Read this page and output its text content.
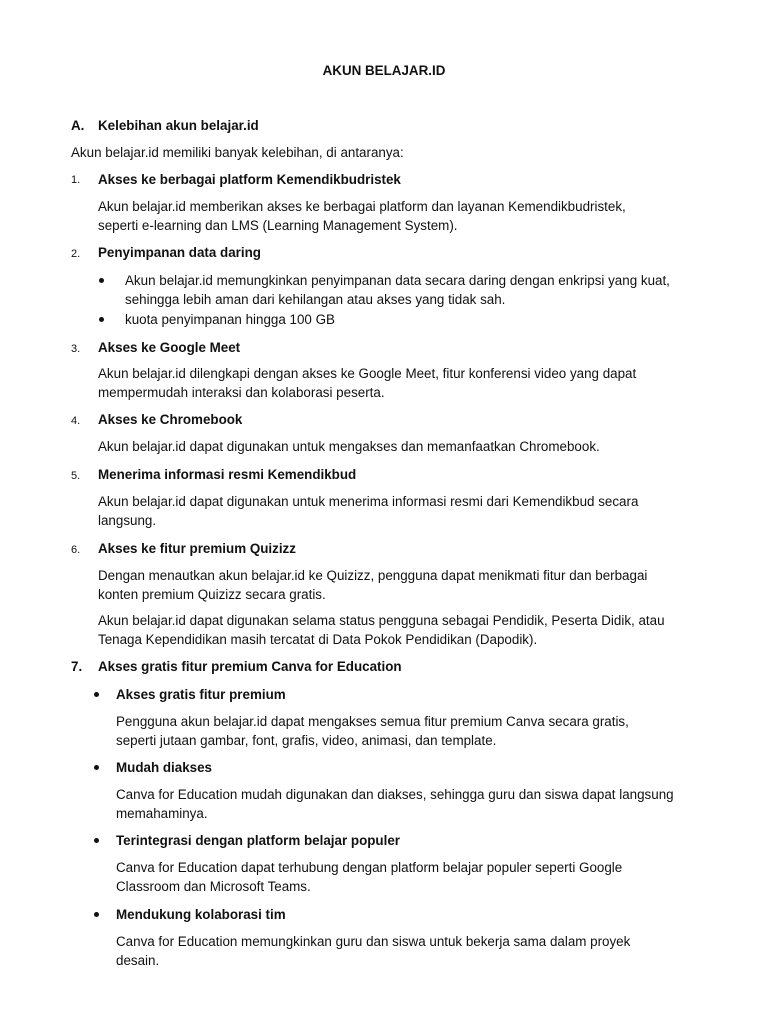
AKUN BELAJAR.ID
A. Kelebihan akun belajar.id
Akun belajar.id memiliki banyak kelebihan, di antaranya:
1. Akses ke berbagai platform Kemendikbudristek
Akun belajar.id memberikan akses ke berbagai platform dan layanan Kemendikbudristek,
seperti e-learning dan LMS (Learning Management System).
2. Penyimpanan data daring
Akun belajar.id memungkinkan penyimpanan data secara daring dengan enkripsi yang kuat,
sehingga lebih aman dari kehilangan atau akses yang tidak sah.
kuota penyimpanan hingga 100 GB
3. Akses ke Google Meet
Akun belajar.id dilengkapi dengan akses ke Google Meet, fitur konferensi video yang dapat
mempermudah interaksi dan kolaborasi peserta.
4. Akses ke Chromebook
Akun belajar.id dapat digunakan untuk mengakses dan memanfaatkan Chromebook.
5. Menerima informasi resmi Kemendikbud
Akun belajar.id dapat digunakan untuk menerima informasi resmi dari Kemendikbud secara
langsung.
6. Akses ke fitur premium Quizizz
Dengan menautkan akun belajar.id ke Quizizz, pengguna dapat menikmati fitur dan berbagai
konten premium Quizizz secara gratis.
Akun belajar.id dapat digunakan selama status pengguna sebagai Pendidik, Peserta Didik, atau
Tenaga Kependidikan masih tercatat di Data Pokok Pendidikan (Dapodik).
7. Akses gratis fitur premium Canva for Education
Akses gratis fitur premium
Pengguna akun belajar.id dapat mengakses semua fitur premium Canva secara gratis,
seperti jutaan gambar, font, grafis, video, animasi, dan template.
Mudah diakses
Canva for Education mudah digunakan dan diakses, sehingga guru dan siswa dapat langsung
memahaminya.
Terintegrasi dengan platform belajar populer
Canva for Education dapat terhubung dengan platform belajar populer seperti Google
Classroom dan Microsoft Teams.
Mendukung kolaborasi tim
Canva for Education memungkinkan guru dan siswa untuk bekerja sama dalam proyek
desain.
